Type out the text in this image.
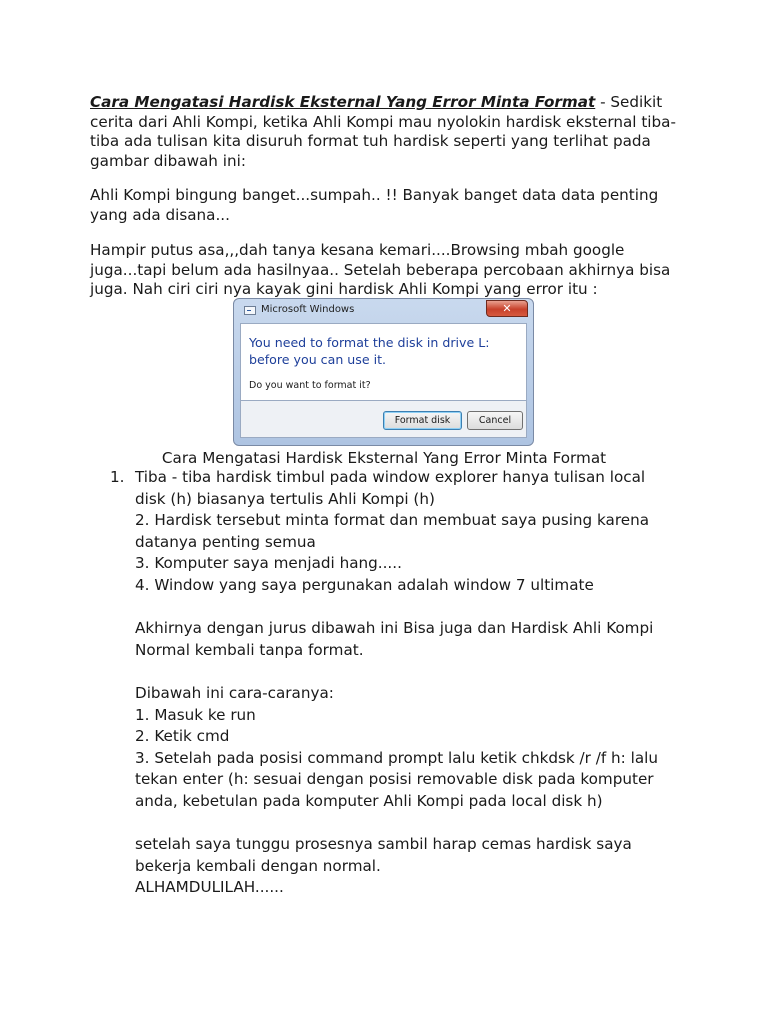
Cara Mengatasi Hardisk Eksternal Yang Error Minta Format - Sedikit cerita dari Ahli Kompi, ketika Ahli Kompi mau nyolokin hardisk eksternal tiba-tiba ada tulisan kita disuruh format tuh hardisk seperti yang terlihat pada gambar dibawah ini:
Ahli Kompi bingung banget...sumpah.. !! Banyak banget data data penting yang ada disana...
Hampir putus asa,,,dah tanya kesana kemari....Browsing mbah google juga...tapi belum ada hasilnyaa.. Setelah beberapa percobaan akhirnya bisa juga. Nah ciri ciri nya kayak gini hardisk Ahli Kompi yang error itu :
Microsoft Windows	✕
You need to format the disk in drive L: before you can use it.
Do you want to format it?
Format disk	Cancel
Cara Mengatasi Hardisk Eksternal Yang Error Minta Format
1. Tiba - tiba hardisk timbul pada window explorer hanya tulisan local disk (h) biasanya tertulis Ahli Kompi (h)

2. Hardisk tersebut minta format dan membuat saya pusing karena datanya penting semua

3. Komputer saya menjadi hang.....

4. Window yang saya pergunakan adalah window 7 ultimate

Akhirnya dengan jurus dibawah ini Bisa juga dan Hardisk Ahli Kompi Normal kembali tanpa format.

Dibawah ini cara-caranya:

1. Masuk ke run

2. Ketik cmd

3. Setelah pada posisi command prompt lalu ketik chkdsk /r /f h: lalu tekan enter (h: sesuai dengan posisi removable disk pada komputer anda, kebetulan pada komputer Ahli Kompi pada local disk h)

setelah saya tunggu prosesnya sambil harap cemas hardisk saya bekerja kembali dengan normal.

ALHAMDULILAH......
